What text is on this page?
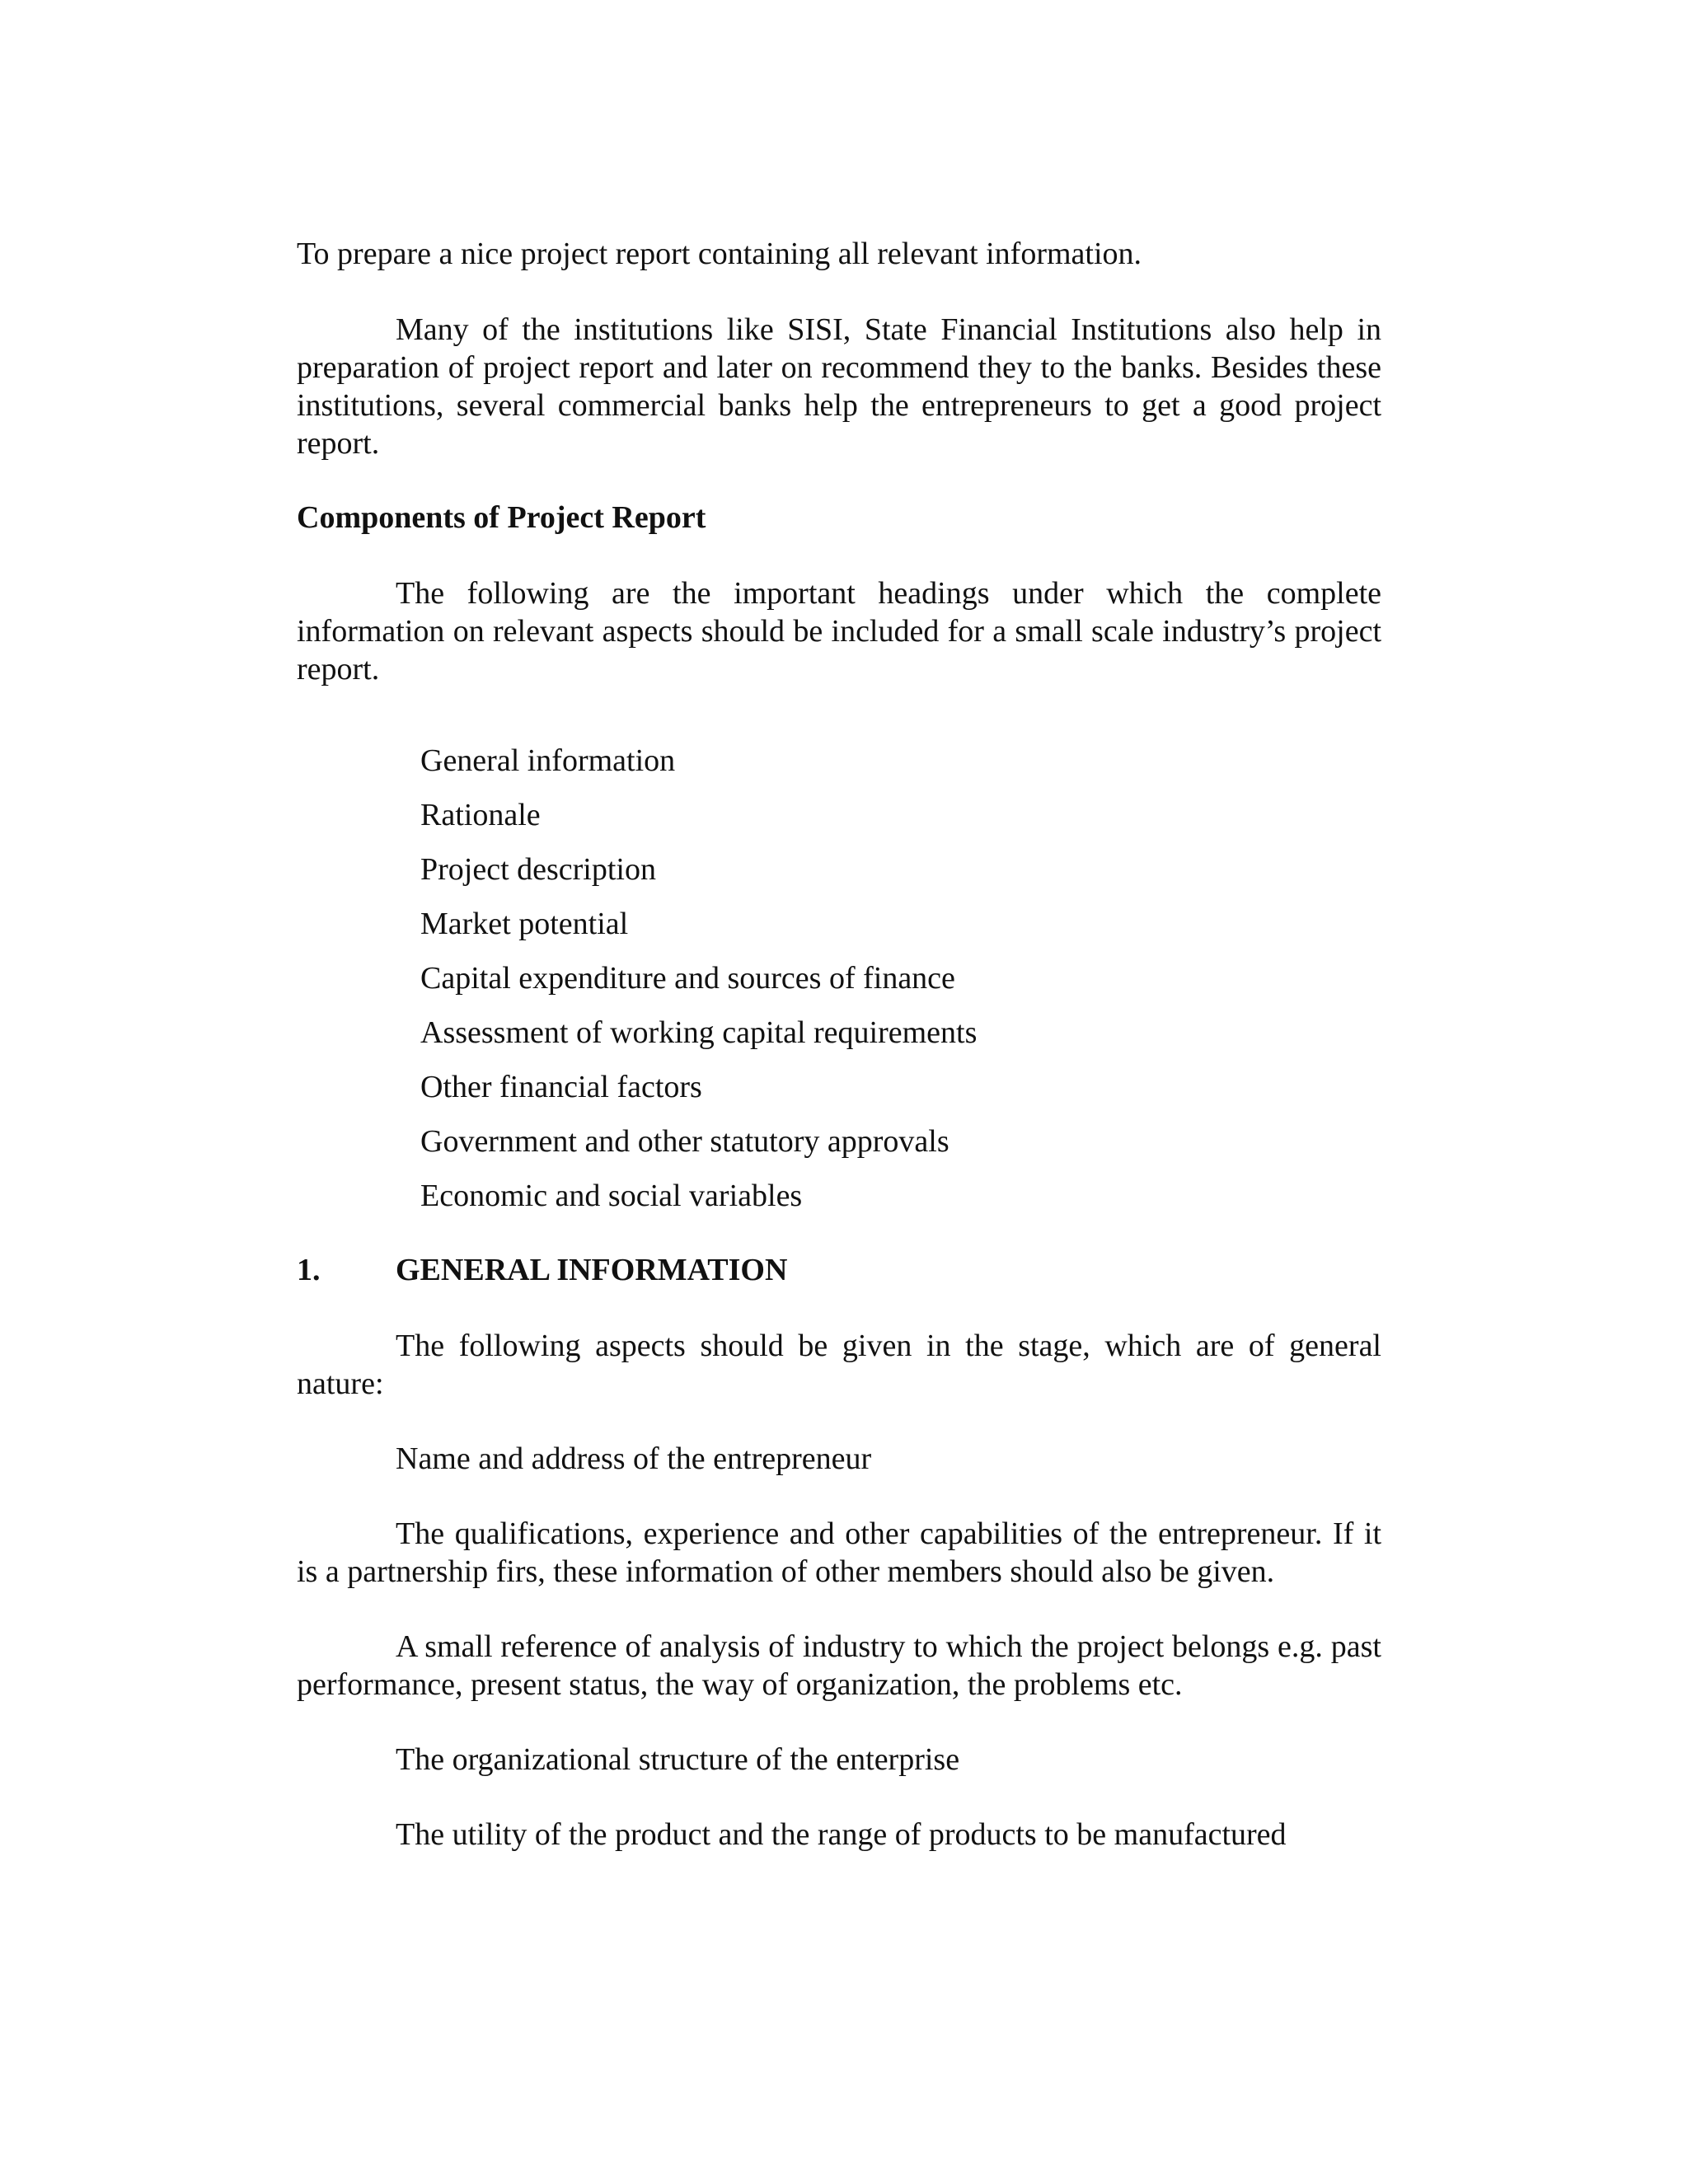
To prepare a nice project report containing all relevant information.

Many of the institutions like SISI, State Financial Institutions also help in preparation of project report and later on recommend they to the banks. Besides these institutions, several commercial banks help the entrepreneurs to get a good project report.

Components of Project Report

The following are the important headings under which the complete information on relevant aspects should be included for a small scale industry’s project report.

General information

Rationale

Project description

Market potential

Capital expenditure and sources of finance

Assessment of working capital requirements

Other financial factors

Government and other statutory approvals

Economic and social variables

1. GENERAL INFORMATION

The following aspects should be given in the stage, which are of general nature:

Name and address of the entrepreneur

The qualifications, experience and other capabilities of the entrepreneur. If it is a partnership firs, these information of other members should also be given.

A small reference of analysis of industry to which the project belongs e.g. past performance, present status, the way of organization, the problems etc.

The organizational structure of the enterprise

The utility of the product and the range of products to be manufactured
